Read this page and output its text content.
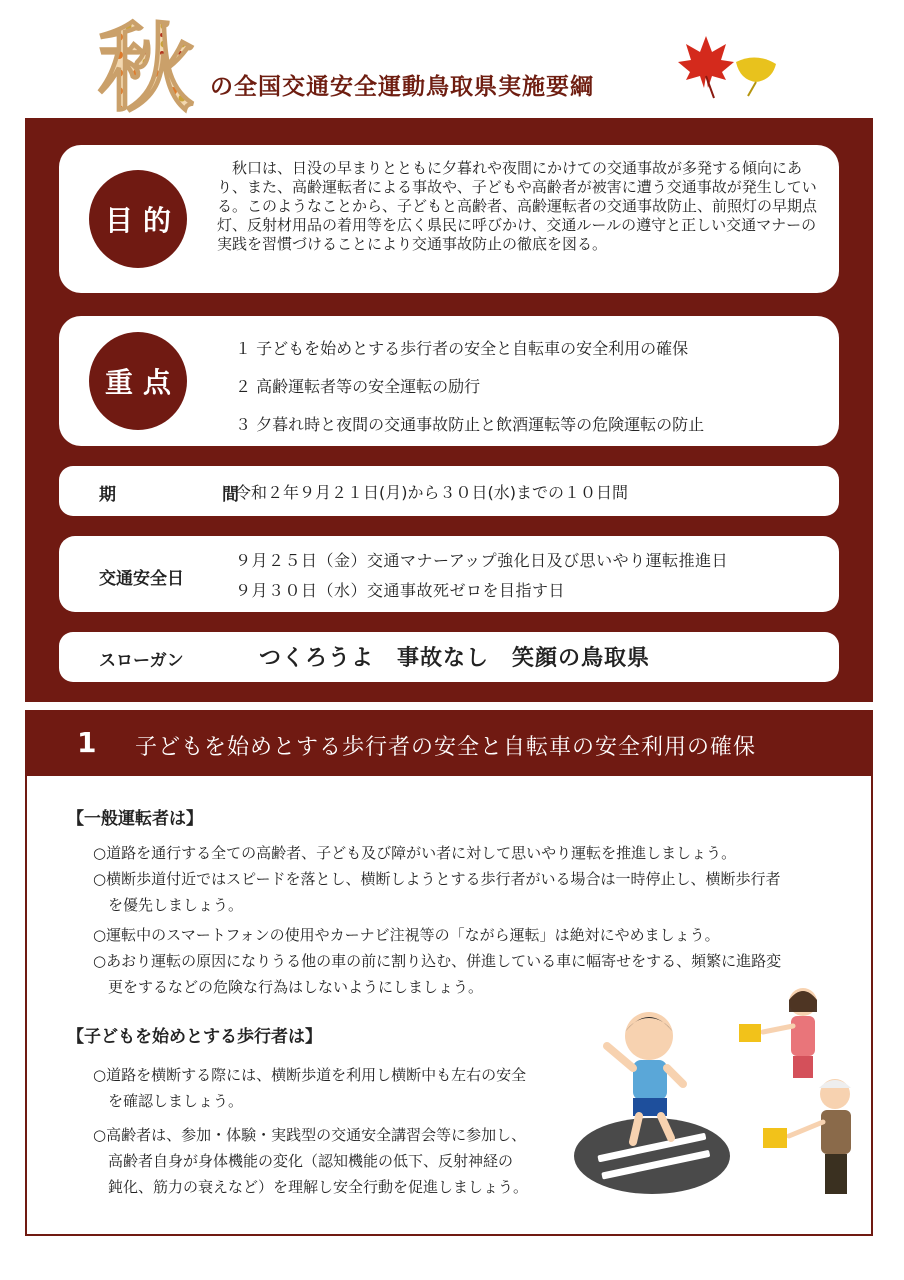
秋 の全国交通安全運動鳥取県実施要綱
目的

秋口は、日没の早まりとともに夕暮れや夜間にかけての交通事故が多発する傾向にあり、また、高齢運転者による事故や、子どもや高齢者が被害に遭う交通事故が発生している。このようなことから、子どもと高齢者、高齢運転者の交通事故防止、前照灯の早期点灯、反射材用品の着用等を広く県民に呼びかけ、交通ルールの遵守と正しい交通マナーの実践を習慣づけることにより交通事故防止の徹底を図る。

重点
１ 子どもを始めとする歩行者の安全と自転車の安全利用の確保
２ 高齢運転者等の安全運転の励行
３ 夕暮れ時と夜間の交通事故防止と飲酒運転等の危険運転の防止
期	間
令和２年９月２１日(月)から３０日(水)までの１０日間
交通安全日
９月２５日（金）交通マナーアップ強化日及び思いやり運転推進日
９月３０日（水）交通事故死ゼロを目指す日
スローガン	つくろうよ　事故なし　笑顔の鳥取県
1 子どもを始めとする歩行者の安全と自転車の安全利用の確保
【一般運転者は】
○道路を通行する全ての高齢者、子ども及び障がい者に対して思いやり運転を推進しましょう。
○横断歩道付近ではスピードを落とし、横断しようとする歩行者がいる場合は一時停止し、横断歩行者
を優先しましょう。
○運転中のスマートフォンの使用やカーナビ注視等の「ながら運転」は絶対にやめましょう。
○あおり運転の原因になりうる他の車の前に割り込む、併進している車に幅寄せをする、頻繁に進路変
更をするなどの危険な行為はしないようにしましょう。
【子どもを始めとする歩行者は】
○道路を横断する際には、横断歩道を利用し横断中も左右の安全
を確認しましょう。
○高齢者は、参加・体験・実践型の交通安全講習会等に参加し、
高齢者自身が身体機能の変化（認知機能の低下、反射神経の
鈍化、筋力の衰えなど）を理解し安全行動を促進しましょう。
